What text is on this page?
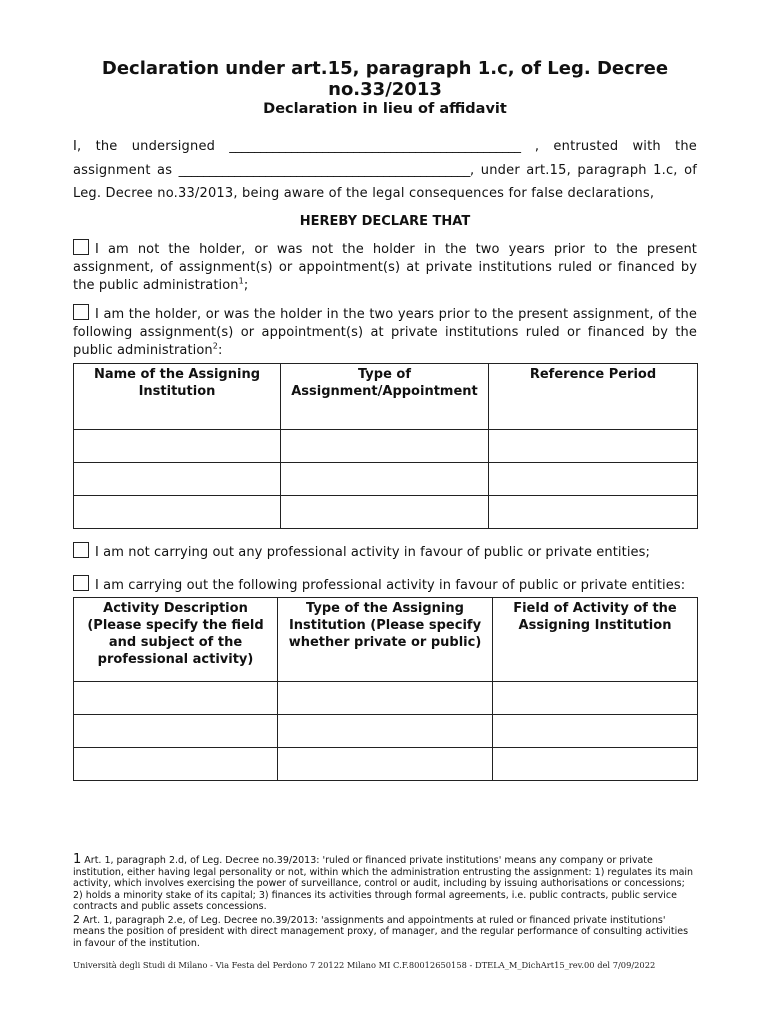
Declaration under art.15, paragraph 1.c, of Leg. Decree
no.33/2013
Declaration in lieu of affidavit
I, the undersigned _______________________________________________ , entrusted with the assignment as _______________________________________________, under art.15, paragraph 1.c, of Leg. Decree no.33/2013, being aware of the legal consequences for false declarations,
HEREBY DECLARE THAT
I am not the holder, or was not the holder in the two years prior to the present assignment, of assignment(s) or appointment(s) at private institutions ruled or financed by the public administration$^1$;
I am the holder, or was the holder in the two years prior to the present assignment, of the following assignment(s) or appointment(s) at private institutions ruled or financed by the public administration$^2$:
Name of the Assigning Institution	Type of Assignment/Appointment	Reference Period

I am not carrying out any professional activity in favour of public or private entities;
I am carrying out the following professional activity in favour of public or private entities:
Activity Description (Please specify the field and subject of the professional activity)	Type of the Assigning Institution (Please specify whether private or public)	Field of Activity of the Assigning Institution

1 Art. 1, paragraph 2.d, of Leg. Decree no.39/2013: 'ruled or financed private institutions' means any company or private institution, either having legal personality or not, within which the administration entrusting the assignment: 1) regulates its main activity, which involves exercising the power of surveillance, control or audit, including by issuing authorisations or concessions; 2) holds a minority stake of its capital; 3) finances its activities through formal agreements, i.e. public contracts, public service contracts and public assets concessions.
2 Art. 1, paragraph 2.e, of Leg. Decree no.39/2013: 'assignments and appointments at ruled or financed private institutions' means the position of president with direct management proxy, of manager, and the regular performance of consulting activities in favour of the institution.
Università degli Studi di Milano - Via Festa del Perdono 7 20122 Milano MI C.F.80012650158 - DTELA_M_DichArt15_rev.00 del 7/09/2022
